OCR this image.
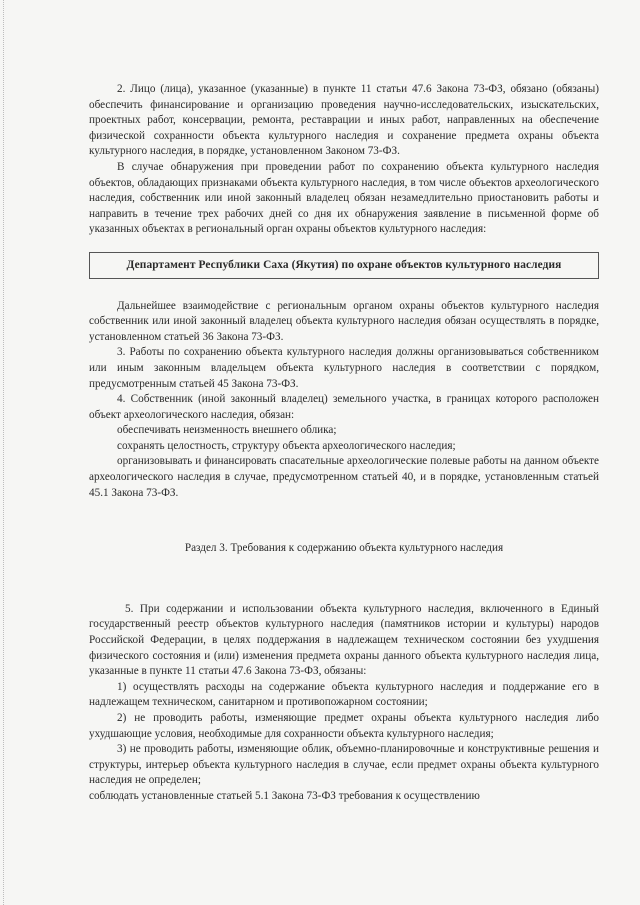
2. Лицо (лица), указанное (указанные) в пункте 11 статьи 47.6 Закона 73-ФЗ, обязано (обязаны) обеспечить финансирование и организацию проведения научно-исследовательских, изыскательских, проектных работ, консервации, ремонта, реставрации и иных работ, направленных на обеспечение физической сохранности объекта культурного наследия и сохранение предмета охраны объекта культурного наследия, в порядке, установленном Законом 73-ФЗ.

В случае обнаружения при проведении работ по сохранению объекта культурного наследия объектов, обладающих признаками объекта культурного наследия, в том числе объектов археологического наследия, собственник или иной законный владелец обязан незамедлительно приостановить работы и направить в течение трех рабочих дней со дня их обнаружения заявление в письменной форме об указанных объектах в региональный орган охраны объектов культурного наследия:

Департамент Республики Саха (Якутия) по охране объектов культурного наследия

Дальнейшее взаимодействие с региональным органом охраны объектов культурного наследия собственник или иной законный владелец объекта культурного наследия обязан осуществлять в порядке, установленном статьей 36 Закона 73-ФЗ.

3. Работы по сохранению объекта культурного наследия должны организовываться собственником или иным законным владельцем объекта культурного наследия в соответствии с порядком, предусмотренным статьей 45 Закона 73-ФЗ.

4. Собственник (иной законный владелец) земельного участка, в границах которого расположен объект археологического наследия, обязан:

обеспечивать неизменность внешнего облика;

сохранять целостность, структуру объекта археологического наследия;

организовывать и финансировать спасательные археологические полевые работы на данном объекте археологического наследия в случае, предусмотренном статьей 40, и в порядке, установленным статьей 45.1 Закона 73-ФЗ.

Раздел 3. Требования к содержанию объекта культурного наследия

5. При содержании и использовании объекта культурного наследия, включенного в Единый государственный реестр объектов культурного наследия (памятников истории и культуры) народов Российской Федерации, в целях поддержания в надлежащем техническом состоянии без ухудшения физического состояния и (или) изменения предмета охраны данного объекта культурного наследия лица, указанные в пункте 11 статьи 47.6 Закона 73-ФЗ, обязаны:

1) осуществлять расходы на содержание объекта культурного наследия и поддержание его в надлежащем техническом, санитарном и противопожарном состоянии;

2) не проводить работы, изменяющие предмет охраны объекта культурного наследия либо ухудшающие условия, необходимые для сохранности объекта культурного наследия;

3) не проводить работы, изменяющие облик, объемно-планировочные и конструктивные решения и структуры, интерьер объекта культурного наследия в случае, если предмет охраны объекта культурного наследия не определен;

соблюдать установленные статьей 5.1 Закона 73-ФЗ требования к осуществлению
